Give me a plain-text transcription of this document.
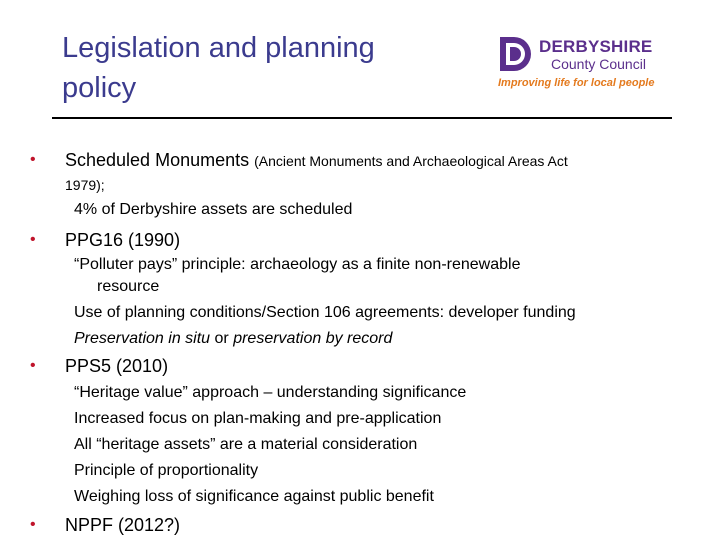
Legislation and planning
policy
DERBYSHIRE
County Council
Improving life for local people
•	Scheduled Monuments (Ancient Monuments and Archaeological Areas Act
1979);
4% of Derbyshire assets are scheduled
•	PPG16 (1990)
“Polluter pays” principle: archaeology as a finite non-renewable
resource
Use of planning conditions/Section 106 agreements: developer funding
Preservation in situ or preservation by record
•	PPS5 (2010)
“Heritage value” approach – understanding significance
Increased focus on plan-making and pre-application
All “heritage assets” are a material consideration
Principle of proportionality
Weighing loss of significance against public benefit
•	NPPF (2012?)
